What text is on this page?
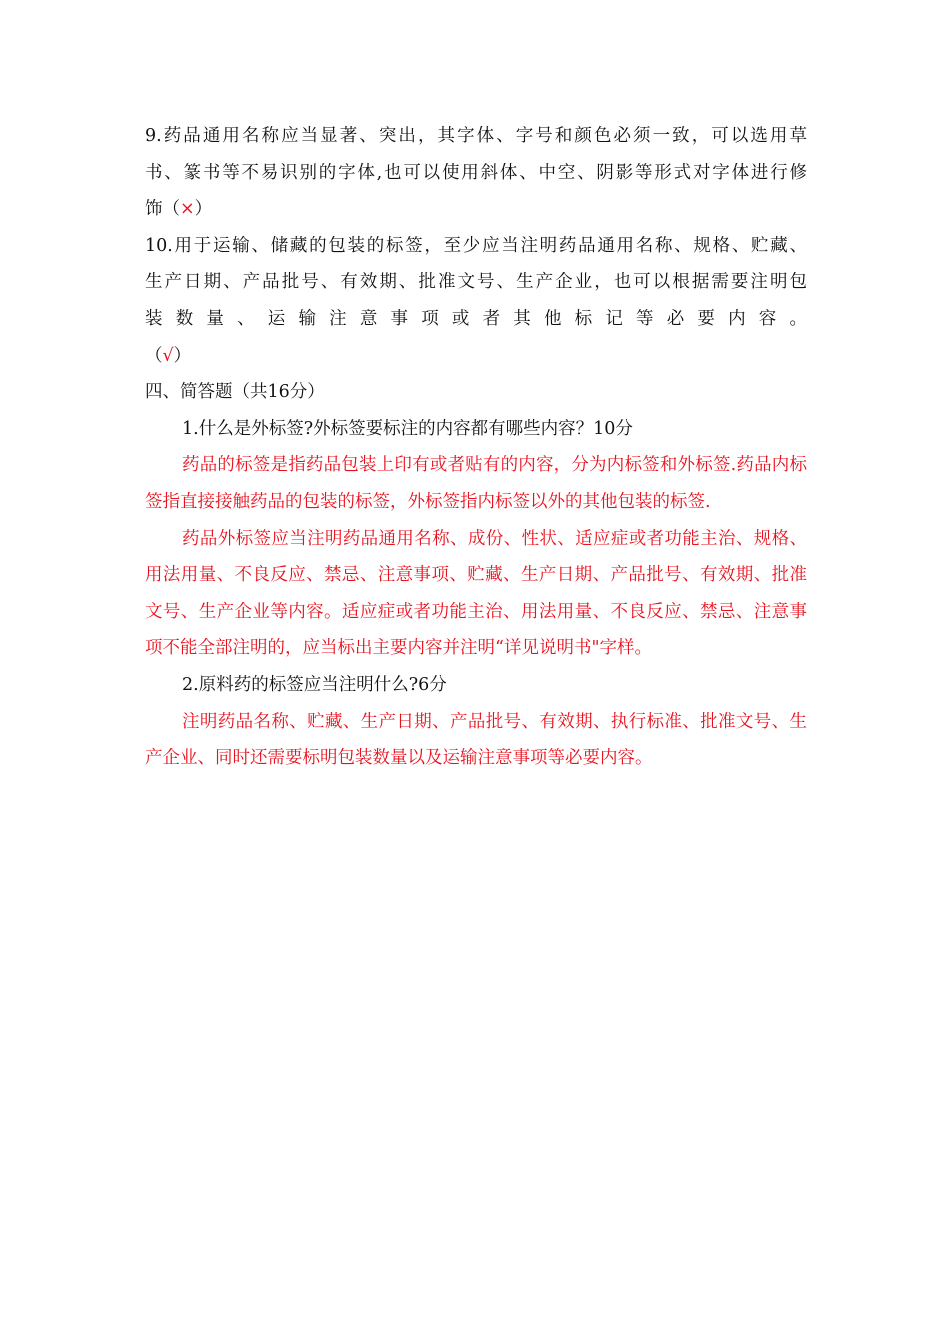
9.药品通用名称应当显著、突出，其字体、字号和颜色必须一致，可以选用草

书、篆书等不易识别的字体,也可以使用斜体、中空、阴影等形式对字体进行修

饰（×）

10.用于运输、储藏的包装的标签，至少应当注明药品通用名称、规格、贮藏、

生产日期、产品批号、有效期、批准文号、生产企业，也可以根据需要注明包

装数量、运输注意事项或者其他标记等必要内容。

（√）

四、简答题（共16分）

1.什么是外标签?外标签要标注的内容都有哪些内容？10分

药品的标签是指药品包装上印有或者贴有的内容，分为内标签和外标签.药品内标签指直接接触药品的包装的标签，外标签指内标签以外的其他包装的标签.

药品外标签应当注明药品通用名称、成份、性状、适应症或者功能主治、规格、用法用量、不良反应、禁忌、注意事项、贮藏、生产日期、产品批号、有效期、批准文号、生产企业等内容。适应症或者功能主治、用法用量、不良反应、禁忌、注意事项不能全部注明的，应当标出主要内容并注明“详见说明书"字样。

2.原料药的标签应当注明什么?6分

注明药品名称、贮藏、生产日期、产品批号、有效期、执行标准、批准文号、生产企业、同时还需要标明包装数量以及运输注意事项等必要内容。
